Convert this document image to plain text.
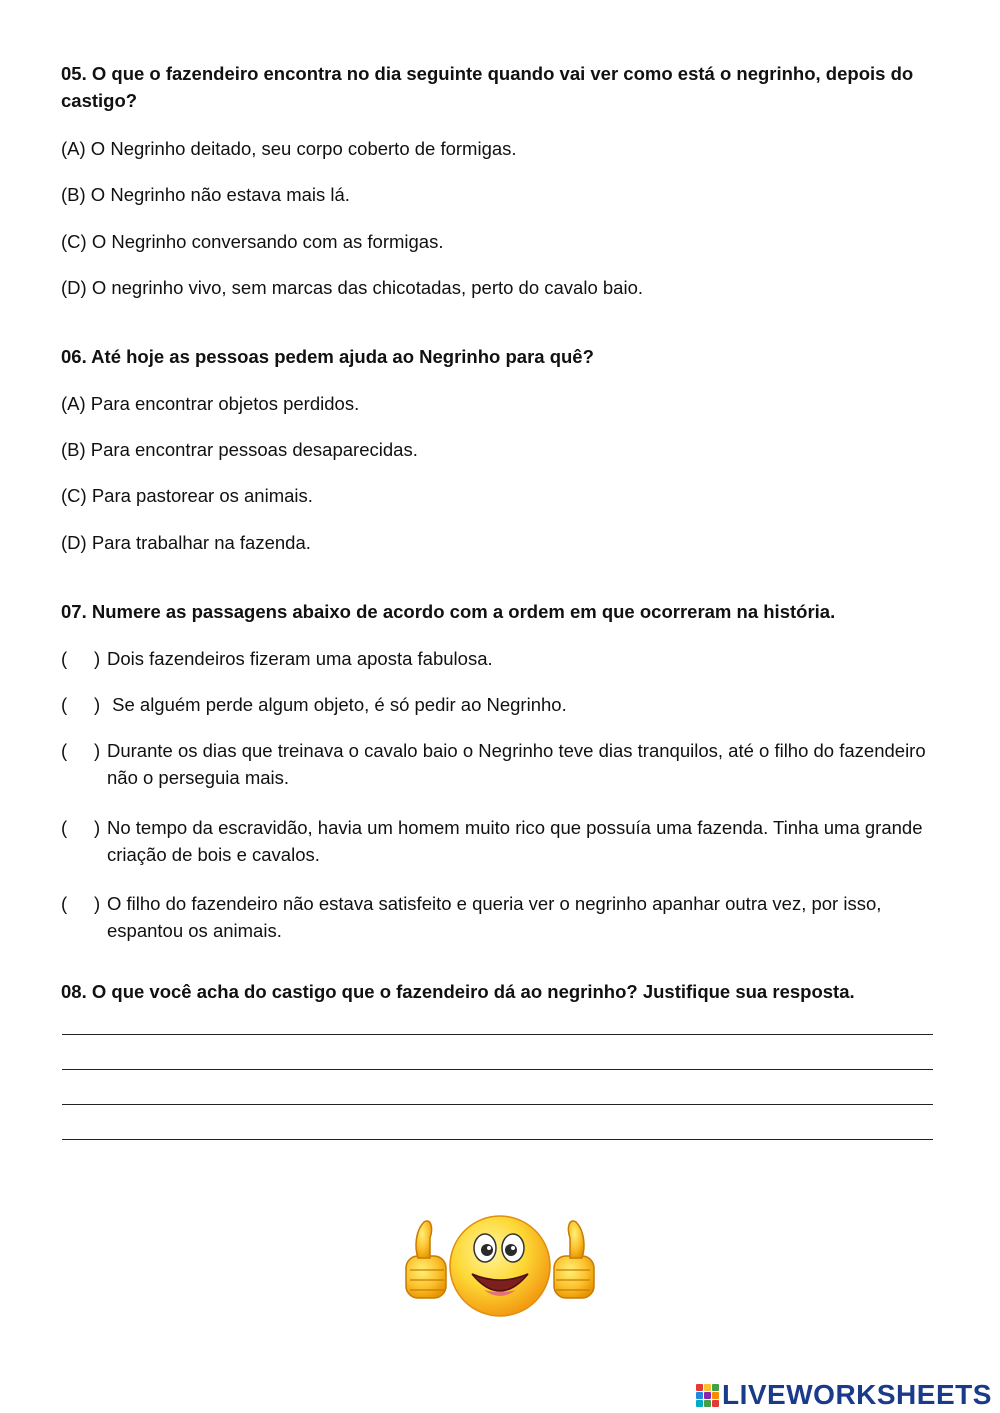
05. O que o fazendeiro encontra no dia seguinte quando vai ver como está o negrinho, depois do castigo?
(A) O Negrinho deitado, seu corpo coberto de formigas.
(B) O Negrinho não estava mais lá.
(C) O Negrinho conversando com as formigas.
(D) O negrinho vivo, sem marcas das chicotadas, perto do cavalo baio.
06. Até hoje as pessoas pedem ajuda ao Negrinho para quê?
(A) Para encontrar objetos perdidos.
(B) Para encontrar pessoas desaparecidas.
(C) Para pastorear os animais.
(D) Para trabalhar na fazenda.
07. Numere as passagens abaixo de acordo com a ordem em que ocorreram na história.
( ) Dois fazendeiros fizeram uma aposta fabulosa.
( ) Se alguém perde algum objeto, é só pedir ao Negrinho.
( ) Durante os dias que treinava o cavalo baio o Negrinho teve dias tranquilos, até o filho do fazendeiro não o perseguia mais.
( ) No tempo da escravidão, havia um homem muito rico que possuía uma fazenda. Tinha uma grande criação de bois e cavalos.
( ) O filho do fazendeiro não estava satisfeito e queria ver o negrinho apanhar outra vez, por isso, espantou os animais.
08. O que você acha do castigo que o fazendeiro dá ao negrinho? Justifique sua resposta.
LIVEWORKSHEETS
